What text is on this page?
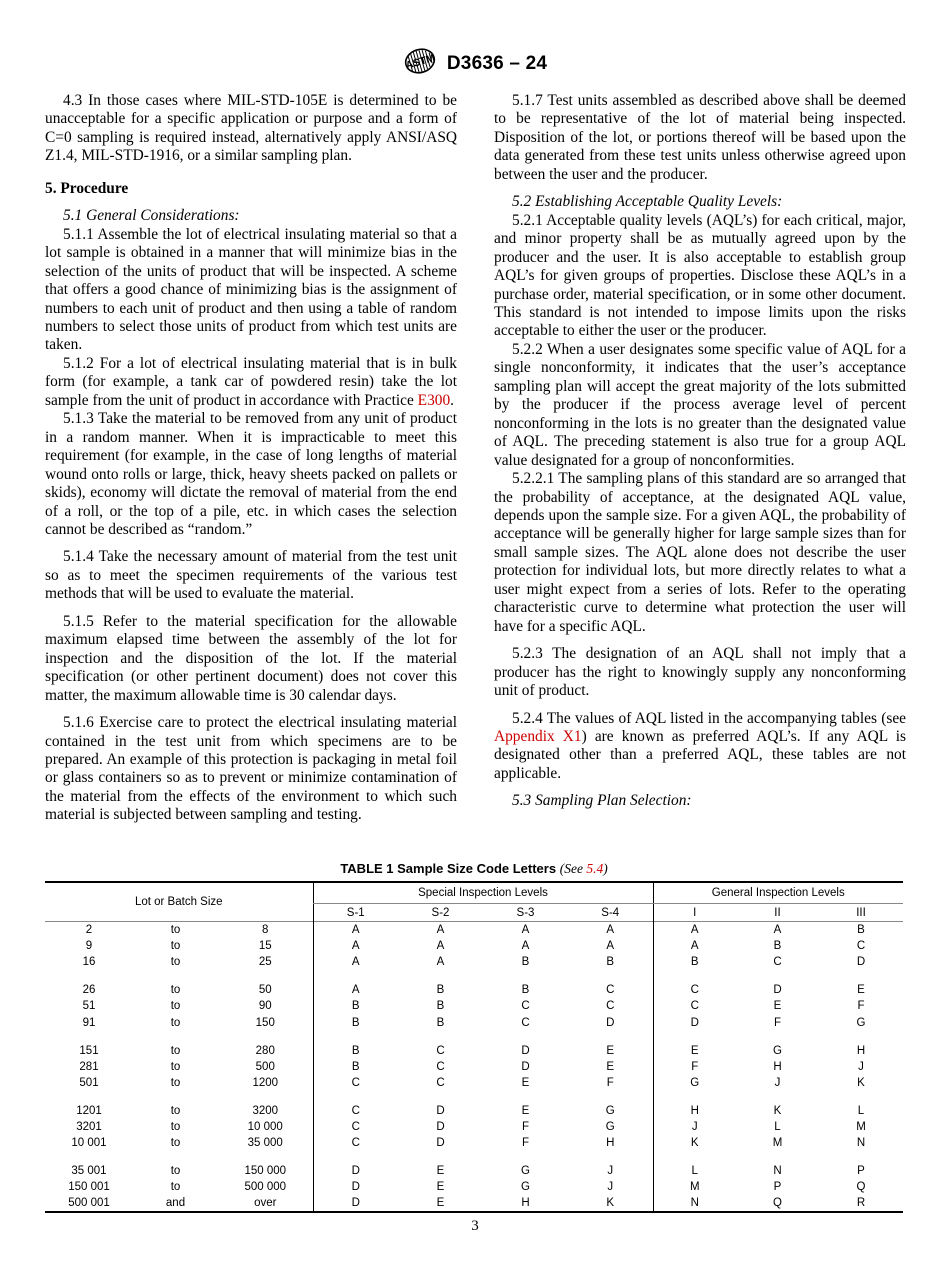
ASTM D3636 – 24

4.3 In those cases where MIL-STD-105E is determined to be unacceptable for a specific application or purpose and a form of C=0 sampling is required instead, alternatively apply ANSI/ASQ Z1.4, MIL-STD-1916, or a similar sampling plan.

5. Procedure

5.1 General Considerations:

5.1.1 Assemble the lot of electrical insulating material so that a lot sample is obtained in a manner that will minimize bias in the selection of the units of product that will be inspected. A scheme that offers a good chance of minimizing bias is the assignment of numbers to each unit of product and then using a table of random numbers to select those units of product from which test units are taken.

5.1.2 For a lot of electrical insulating material that is in bulk form (for example, a tank car of powdered resin) take the lot sample from the unit of product in accordance with Practice E300.

5.1.3 Take the material to be removed from any unit of product in a random manner. When it is impracticable to meet this requirement (for example, in the case of long lengths of material wound onto rolls or large, thick, heavy sheets packed on pallets or skids), economy will dictate the removal of material from the end of a roll, or the top of a pile, etc. in which cases the selection cannot be described as “random.”

5.1.4 Take the necessary amount of material from the test unit so as to meet the specimen requirements of the various test methods that will be used to evaluate the material.

5.1.5 Refer to the material specification for the allowable maximum elapsed time between the assembly of the lot for inspection and the disposition of the lot. If the material specification (or other pertinent document) does not cover this matter, the maximum allowable time is 30 calendar days.

5.1.6 Exercise care to protect the electrical insulating material contained in the test unit from which specimens are to be prepared. An example of this protection is packaging in metal foil or glass containers so as to prevent or minimize contamination of the material from the effects of the environment to which such material is subjected between sampling and testing.

5.1.7 Test units assembled as described above shall be deemed to be representative of the lot of material being inspected. Disposition of the lot, or portions thereof will be based upon the data generated from these test units unless otherwise agreed upon between the user and the producer.

5.2 Establishing Acceptable Quality Levels:

5.2.1 Acceptable quality levels (AQL’s) for each critical, major, and minor property shall be as mutually agreed upon by the producer and the user. It is also acceptable to establish group AQL’s for given groups of properties. Disclose these AQL’s in a purchase order, material specification, or in some other document. This standard is not intended to impose limits upon the risks acceptable to either the user or the producer.

5.2.2 When a user designates some specific value of AQL for a single nonconformity, it indicates that the user’s acceptance sampling plan will accept the great majority of the lots submitted by the producer if the process average level of percent nonconforming in the lots is no greater than the designated value of AQL. The preceding statement is also true for a group AQL value designated for a group of nonconformities.

5.2.2.1 The sampling plans of this standard are so arranged that the probability of acceptance, at the designated AQL value, depends upon the sample size. For a given AQL, the probability of acceptance will be generally higher for large sample sizes than for small sample sizes. The AQL alone does not describe the user protection for individual lots, but more directly relates to what a user might expect from a series of lots. Refer to the operating characteristic curve to determine what protection the user will have for a specific AQL.

5.2.3 The designation of an AQL shall not imply that a producer has the right to knowingly supply any nonconforming unit of product.

5.2.4 The values of AQL listed in the accompanying tables (see Appendix X1) are known as preferred AQL’s. If any AQL is designated other than a preferred AQL, these tables are not applicable.

5.3 Sampling Plan Selection:

TABLE 1 Sample Size Code Letters (See 5.4)
Lot or Batch Size			Special Inspection Levels				General Inspection Levels		
			S-1	S-2	S-3	S-4	I	II	III
2	to	8	A	A	A	A	A	A	B
9	to	15	A	A	A	A	A	B	C
16	to	25	A	A	B	B	B	C	D

26	to	50	A	B	B	C	C	D	E
51	to	90	B	B	C	C	C	E	F
91	to	150	B	B	C	D	D	F	G

151	to	280	B	C	D	E	E	G	H
281	to	500	B	C	D	E	F	H	J
501	to	1200	C	C	E	F	G	J	K

1201	to	3200	C	D	E	G	H	K	L
3201	to	10 000	C	D	F	G	J	L	M
10 001	to	35 000	C	D	F	H	K	M	N

35 001	to	150 000	D	E	G	J	L	N	P
150 001	to	500 000	D	E	G	J	M	P	Q
500 001	and	over	D	E	H	K	N	Q	R
3
